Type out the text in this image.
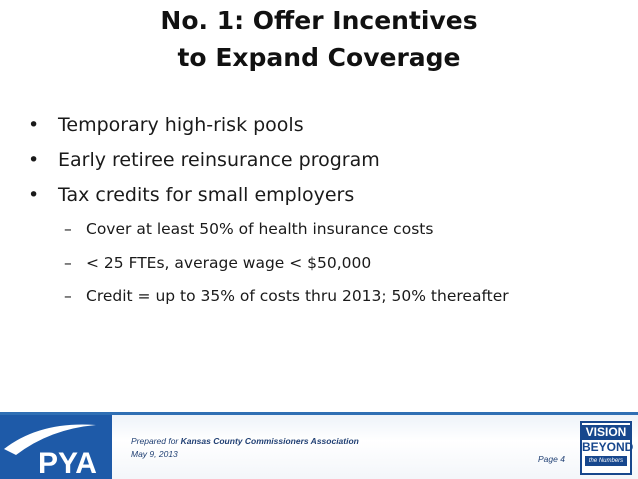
No. 1: Offer Incentives
to Expand Coverage
• Temporary high-risk pools
• Early retiree reinsurance program
• Tax credits for small employers
– Cover at least 50% of health insurance costs
– < 25 FTEs, average wage < $50,000
– Credit = up to 35% of costs thru 2013; 50% thereafter
PYA
Prepared for Kansas County Commissioners Association
May 9, 2013	Page 4
VISION
BEYOND
the Numbers
